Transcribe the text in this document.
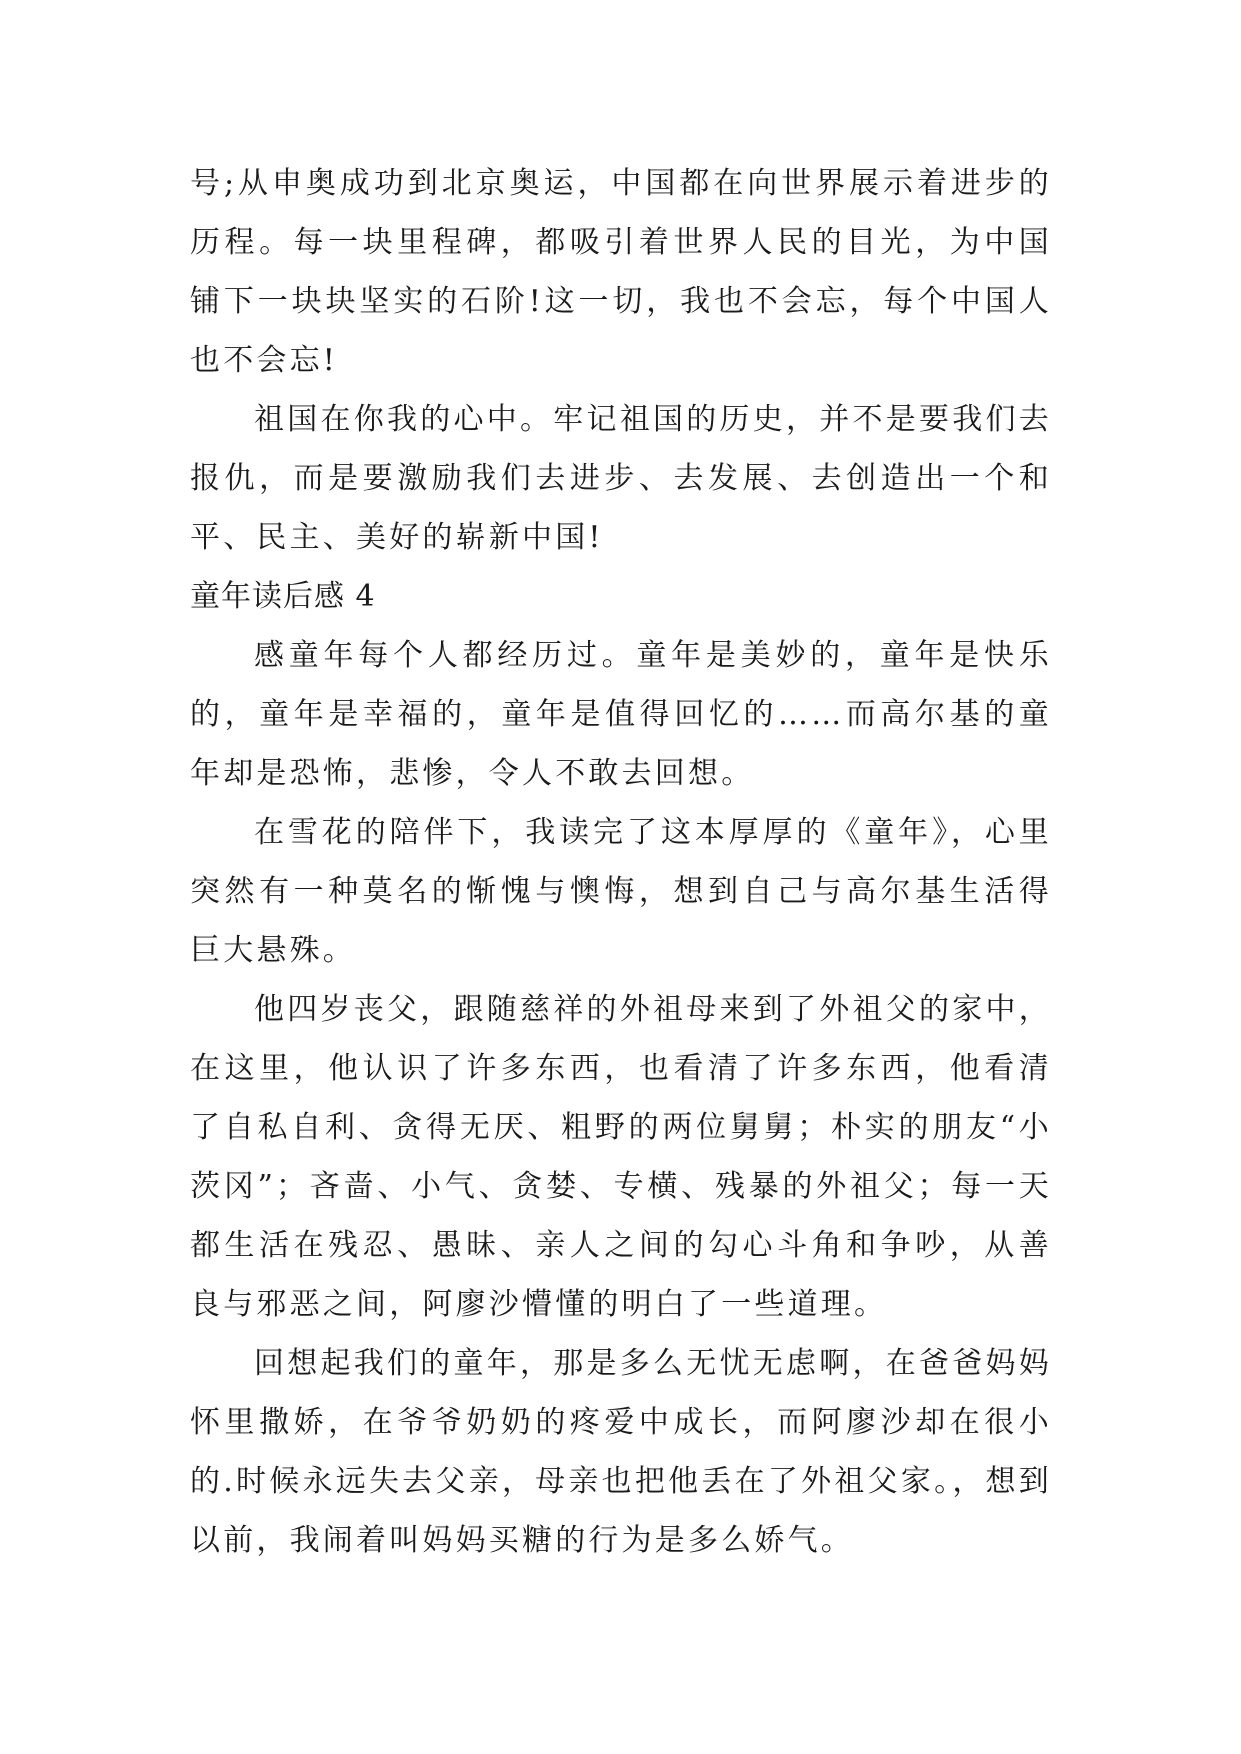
号;从申奥成功到北京奥运，中国都在向世界展示着进步的历程。每一块里程碑，都吸引着世界人民的目光，为中国铺下一块块坚实的石阶!这一切，我也不会忘，每个中国人也不会忘!

祖国在你我的心中。牢记祖国的历史，并不是要我们去报仇，而是要激励我们去进步、去发展、去创造出一个和平、民主、美好的崭新中国!

童年读后感 4

感童年每个人都经历过。童年是美妙的，童年是快乐的，童年是幸福的，童年是值得回忆的……而高尔基的童年却是恐怖，悲惨，令人不敢去回想。

在雪花的陪伴下，我读完了这本厚厚的《童年》，心里突然有一种莫名的惭愧与懊悔，想到自己与高尔基生活得巨大悬殊。

他四岁丧父，跟随慈祥的外祖母来到了外祖父的家中，在这里，他认识了许多东西，也看清了许多东西，他看清了自私自利、贪得无厌、粗野的两位舅舅；朴实的朋友“小茨冈”；吝啬、小气、贪婪、专横、残暴的外祖父；每一天都生活在残忍、愚昧、亲人之间的勾心斗角和争吵，从善良与邪恶之间，阿廖沙懵懂的明白了一些道理。

回想起我们的童年，那是多么无忧无虑啊，在爸爸妈妈怀里撒娇，在爷爷奶奶的疼爱中成长，而阿廖沙却在很小的.时候永远失去父亲，母亲也把他丢在了外祖父家。，想到以前，我闹着叫妈妈买糖的行为是多么娇气。
